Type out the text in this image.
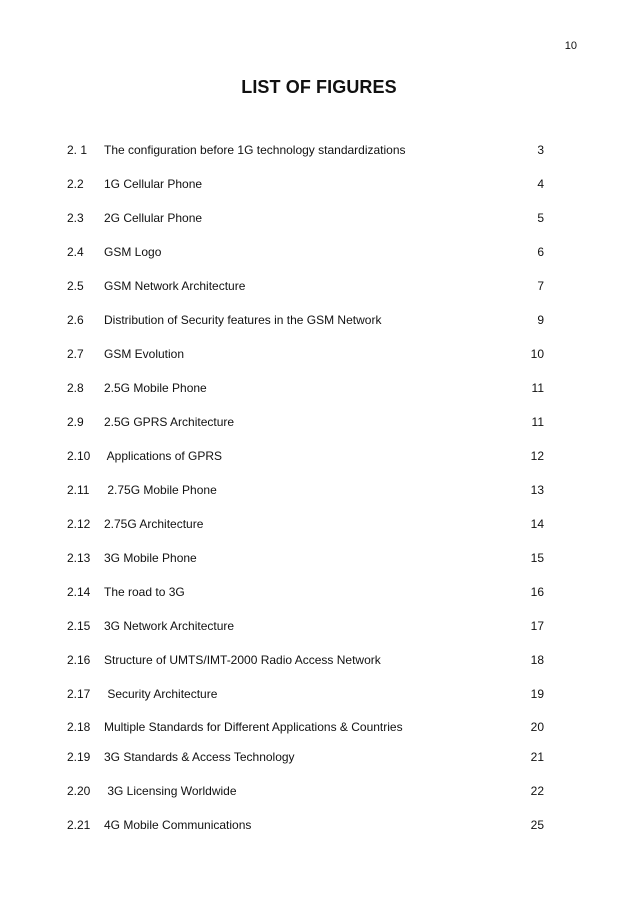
10
LIST OF FIGURES
2. 1 The configuration before 1G technology standardizations	3
2.2 1G Cellular Phone	4
2.3 2G Cellular Phone	5
2.4 GSM Logo	6
2.5 GSM Network Architecture	7
2.6 Distribution of Security features in the GSM Network	9
2.7 GSM Evolution	10
2.8 2.5G Mobile Phone	11
2.9 2.5G GPRS Architecture	11
2.10 Applications of GPRS	12
2.11 2.75G Mobile Phone	13
2.12 2.75G Architecture	14
2.13 3G Mobile Phone	15
2.14 The road to 3G	16
2.15 3G Network Architecture	17
2.16 Structure of UMTS/IMT-2000 Radio Access Network	18
2.17 Security Architecture	19
2.18 Multiple Standards for Different Applications & Countries	20
2.19 3G Standards & Access Technology	21
2.20 3G Licensing Worldwide	22
2.21 4G Mobile Communications	25
